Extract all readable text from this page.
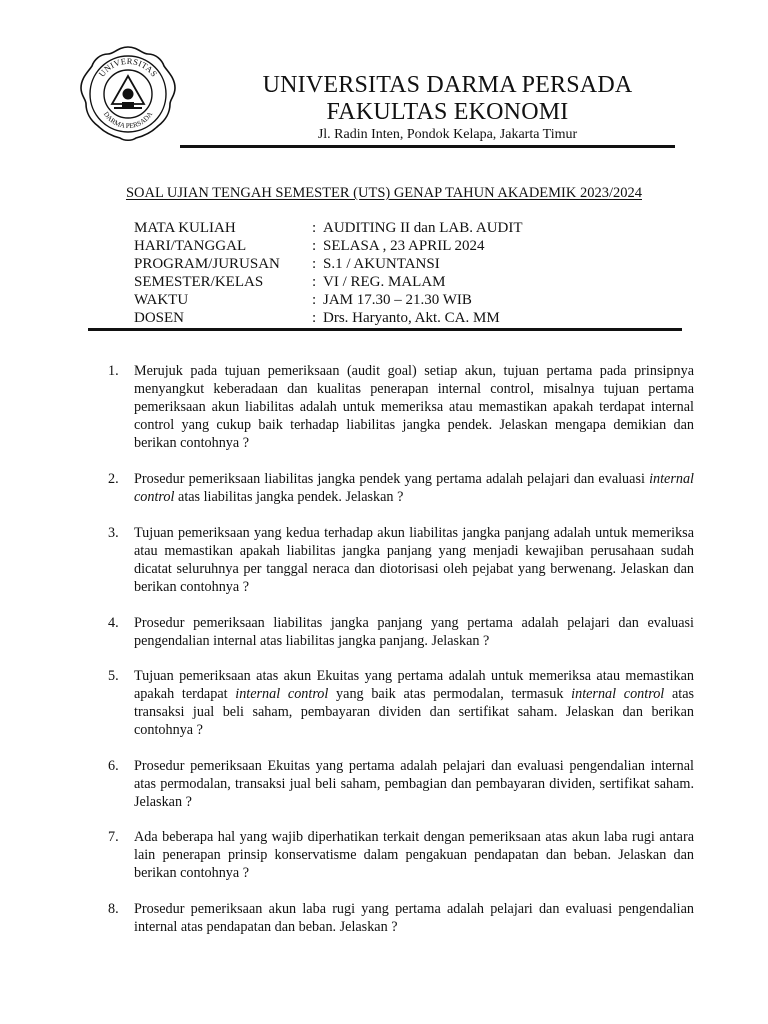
UNIVERSITAS
DARMA PERSADA
UNIVERSITAS DARMA PERSADA
FAKULTAS EKONOMI
Jl. Radin Inten, Pondok Kelapa, Jakarta Timur
SOAL UJIAN TENGAH SEMESTER (UTS) GENAP TAHUN AKADEMIK 2023/2024
MATA KULIAH	: AUDITING II dan LAB. AUDIT
HARI/TANGGAL	: SELASA , 23 APRIL 2024
PROGRAM/JURUSAN	: S.1 / AKUNTANSI
SEMESTER/KELAS	: VI / REG. MALAM
WAKTU	: JAM 17.30 – 21.30 WIB
DOSEN	: Drs. Haryanto, Akt. CA. MM
1.	Merujuk pada tujuan pemeriksaan (audit goal) setiap akun, tujuan pertama pada prinsipnya menyangkut keberadaan dan kualitas penerapan internal control, misalnya tujuan pertama pemeriksaan akun liabilitas adalah untuk memeriksa atau memastikan apakah terdapat internal control yang cukup baik terhadap liabilitas jangka pendek. Jelaskan mengapa demikian dan berikan contohnya ?
2.	Prosedur pemeriksaan liabilitas jangka pendek yang pertama adalah pelajari dan evaluasi internal control atas liabilitas jangka pendek. Jelaskan ?
3.	Tujuan pemeriksaan yang kedua terhadap akun liabilitas jangka panjang adalah untuk memeriksa atau memastikan apakah liabilitas jangka panjang yang menjadi kewajiban perusahaan sudah dicatat seluruhnya per tanggal neraca dan diotorisasi oleh pejabat yang berwenang. Jelaskan dan berikan contohnya ?
4.	Prosedur pemeriksaan liabilitas jangka panjang yang pertama adalah pelajari dan evaluasi pengendalian internal atas liabilitas jangka panjang. Jelaskan ?
5.	Tujuan pemeriksaan atas akun Ekuitas yang pertama adalah untuk memeriksa atau memastikan apakah terdapat internal control yang baik atas permodalan, termasuk internal control atas transaksi jual beli saham, pembayaran dividen dan sertifikat saham. Jelaskan dan berikan contohnya ?
6.	Prosedur pemeriksaan Ekuitas yang pertama adalah pelajari dan evaluasi pengendalian internal atas permodalan, transaksi jual beli saham, pembagian dan pembayaran dividen, sertifikat saham. Jelaskan ?
7.	Ada beberapa hal yang wajib diperhatikan terkait dengan pemeriksaan atas akun laba rugi antara lain penerapan prinsip konservatisme dalam pengakuan pendapatan dan beban. Jelaskan dan berikan contohnya ?
8.	Prosedur pemeriksaan akun laba rugi yang pertama adalah pelajari dan evaluasi pengendalian internal atas pendapatan dan beban. Jelaskan ?
